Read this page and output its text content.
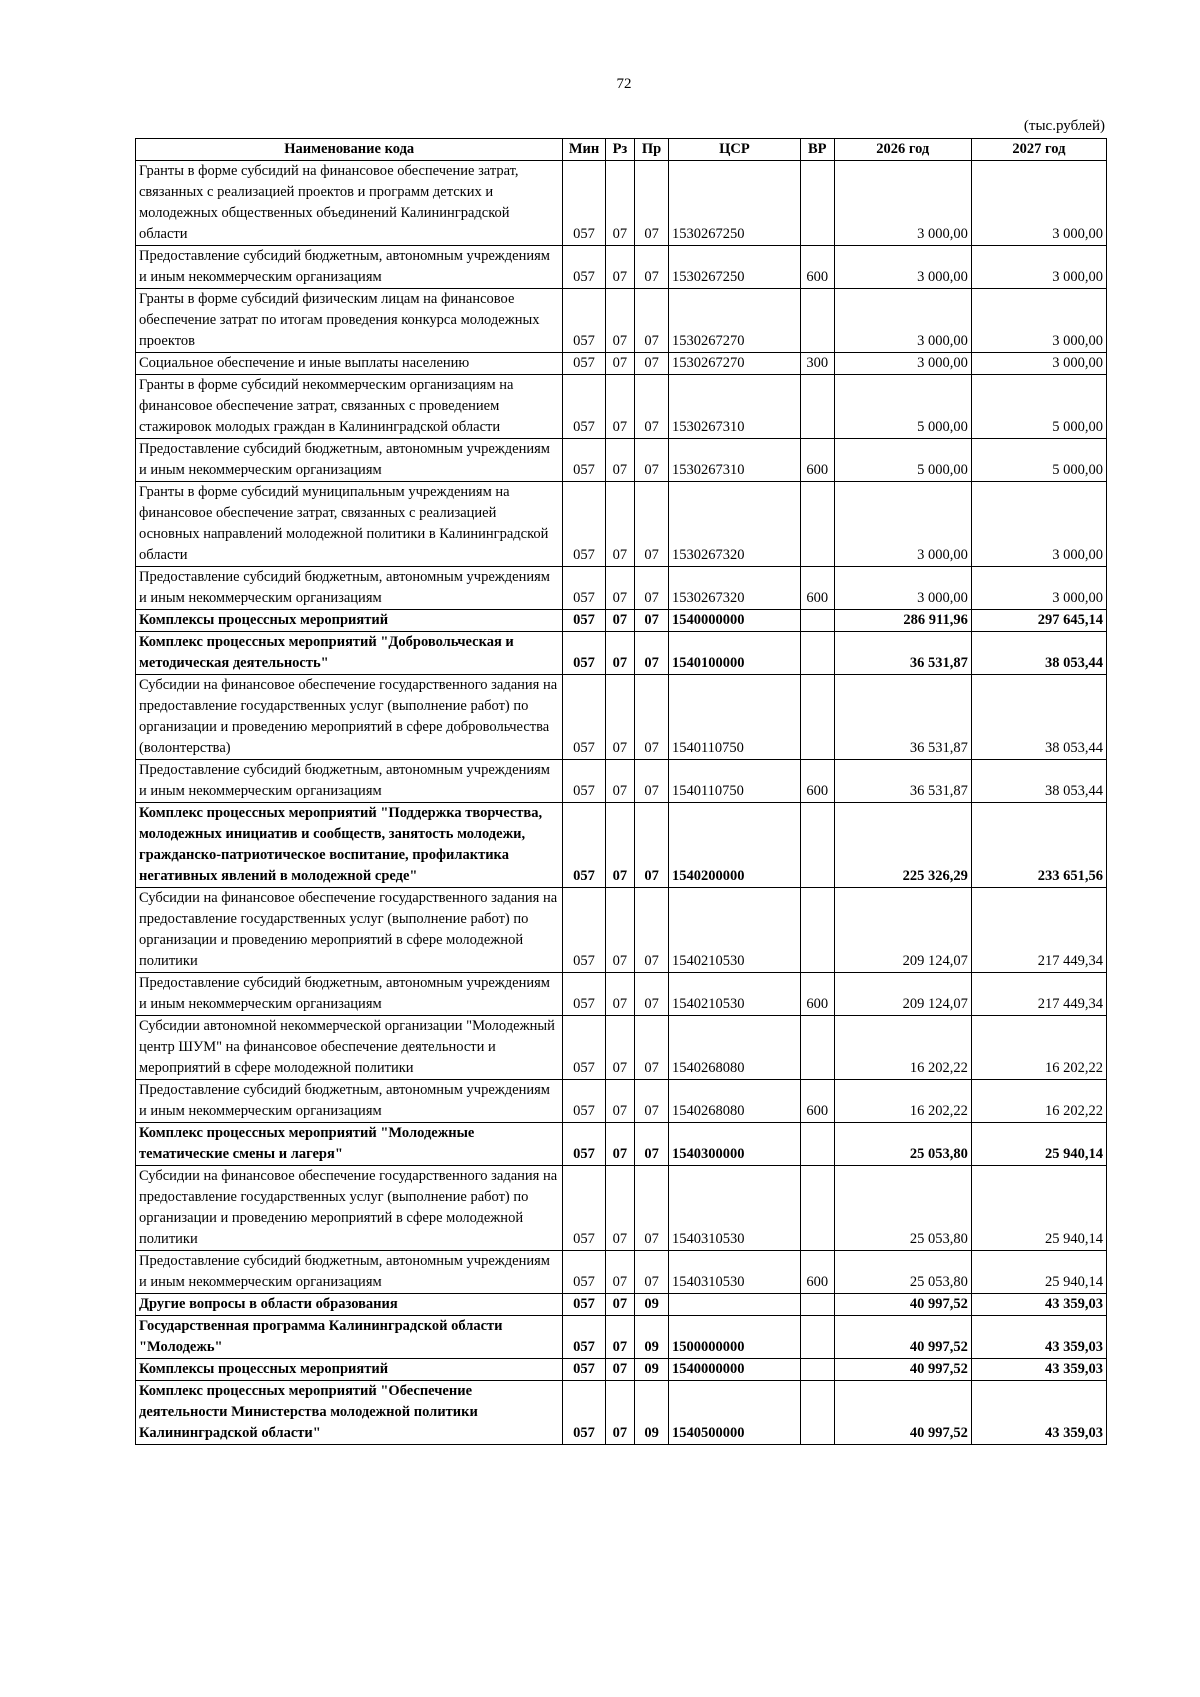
72
(тыс.рублей)
Наименование кода	Мин	Рз	Пр	ЦСР	ВР	2026 год	2027 год
Гранты в форме субсидий на финансовое обеспечение затрат, связанных с реализацией проектов и программ детских и молодежных общественных объединений Калининградской области	057	07	07	1530267250		3 000,00	3 000,00
Предоставление субсидий бюджетным, автономным учреждениям и иным некоммерческим организациям	057	07	07	1530267250	600	3 000,00	3 000,00
Гранты в форме субсидий физическим лицам на финансовое обеспечение затрат по итогам проведения конкурса молодежных проектов	057	07	07	1530267270		3 000,00	3 000,00
Социальное обеспечение и иные выплаты населению	057	07	07	1530267270	300	3 000,00	3 000,00
Гранты в форме субсидий некоммерческим организациям на финансовое обеспечение затрат, связанных с проведением стажировок молодых граждан в Калининградской области	057	07	07	1530267310		5 000,00	5 000,00
Предоставление субсидий бюджетным, автономным учреждениям и иным некоммерческим организациям	057	07	07	1530267310	600	5 000,00	5 000,00
Гранты в форме субсидий муниципальным учреждениям на финансовое обеспечение затрат, связанных с реализацией основных направлений молодежной политики в Калининградской области	057	07	07	1530267320		3 000,00	3 000,00
Предоставление субсидий бюджетным, автономным учреждениям и иным некоммерческим организациям	057	07	07	1530267320	600	3 000,00	3 000,00
Комплексы процессных мероприятий	057	07	07	1540000000		286 911,96	297 645,14
Комплекс процессных мероприятий "Добровольческая и методическая деятельность"	057	07	07	1540100000		36 531,87	38 053,44
Субсидии на финансовое обеспечение государственного задания на предоставление государственных услуг (выполнение работ) по организации и проведению мероприятий в сфере добровольчества (волонтерства)	057	07	07	1540110750		36 531,87	38 053,44
Предоставление субсидий бюджетным, автономным учреждениям и иным некоммерческим организациям	057	07	07	1540110750	600	36 531,87	38 053,44
Комплекс процессных мероприятий "Поддержка творчества, молодежных инициатив и сообществ, занятость молодежи, гражданско-патриотическое воспитание, профилактика негативных явлений в молодежной среде"	057	07	07	1540200000		225 326,29	233 651,56
Субсидии на финансовое обеспечение государственного задания на предоставление государственных услуг (выполнение работ) по организации и проведению мероприятий в сфере молодежной политики	057	07	07	1540210530		209 124,07	217 449,34
Предоставление субсидий бюджетным, автономным учреждениям и иным некоммерческим организациям	057	07	07	1540210530	600	209 124,07	217 449,34
Субсидии автономной некоммерческой организации "Молодежный центр ШУМ" на финансовое обеспечение деятельности и мероприятий в сфере молодежной политики	057	07	07	1540268080		16 202,22	16 202,22
Предоставление субсидий бюджетным, автономным учреждениям и иным некоммерческим организациям	057	07	07	1540268080	600	16 202,22	16 202,22
Комплекс процессных мероприятий "Молодежные тематические смены и лагеря"	057	07	07	1540300000		25 053,80	25 940,14
Субсидии на финансовое обеспечение государственного задания на предоставление государственных услуг (выполнение работ) по организации и проведению мероприятий в сфере молодежной политики	057	07	07	1540310530		25 053,80	25 940,14
Предоставление субсидий бюджетным, автономным учреждениям и иным некоммерческим организациям	057	07	07	1540310530	600	25 053,80	25 940,14
Другие вопросы в области образования	057	07	09			40 997,52	43 359,03
Государственная программа Калининградской области "Молодежь"	057	07	09	1500000000		40 997,52	43 359,03
Комплексы процессных мероприятий	057	07	09	1540000000		40 997,52	43 359,03
Комплекс процессных мероприятий "Обеспечение деятельности Министерства молодежной политики Калининградской области"	057	07	09	1540500000		40 997,52	43 359,03
